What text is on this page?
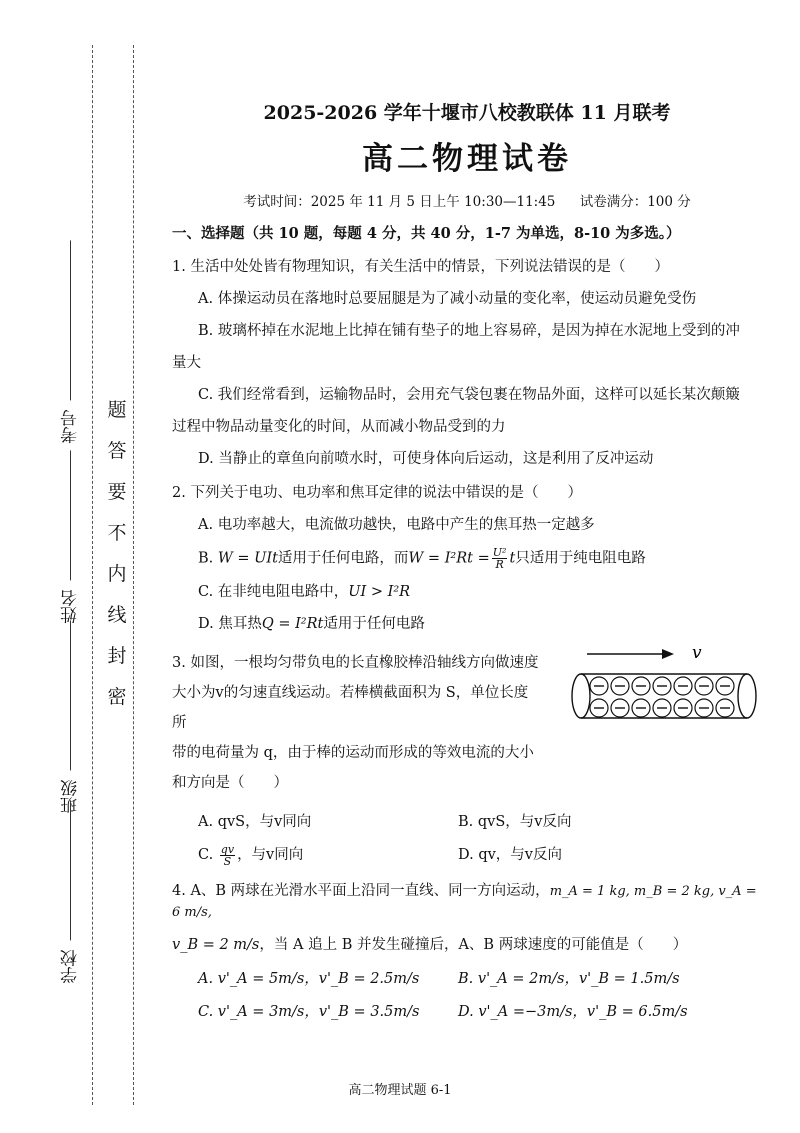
考号
姓名
班级
学校
题
答
要
不
内
线
封
密
2025-2026 学年十堰市八校教联体 11 月联考
高二物理试卷
考试时间：2025 年 11 月 5 日上午 10:30—11:45 试卷满分：100 分
一、选择题（共 10 题，每题 4 分，共 40 分，1-7 为单选，8-10 为多选。）
1. 生活中处处皆有物理知识，有关生活中的情景，下列说法错误的是（　　）
A. 体操运动员在落地时总要屈腿是为了减小动量的变化率，使运动员避免受伤
B. 玻璃杯掉在水泥地上比掉在铺有垫子的地上容易碎，是因为掉在水泥地上受到的冲
量大
C. 我们经常看到，运输物品时，会用充气袋包裹在物品外面，这样可以延长某次颠簸
过程中物品动量变化的时间，从而减小物品受到的力
D. 当静止的章鱼向前喷水时，可使身体向后运动，这是利用了反冲运动
2. 下列关于电功、电功率和焦耳定律的说法中错误的是（　　）
A. 电功率越大，电流做功越快，电路中产生的焦耳热一定越多
B. W = UIt适用于任何电路，而$W = I^2Rt = \frac{\text{U²}}{R}$ t只适用于纯电阻电路
C. 在非纯电阻电路中，UI > I²R
D. 焦耳热Q = I²Rt适用于任何电路
3. 如图，一根均匀带负电的长直橡胶棒沿轴线方向做速度
大小为v的匀速直线运动。若棒横截面积为 S，单位长度所
带的电荷量为 q，由于棒的运动而形成的等效电流的大小
和方向是（　　）
v
A. qvS，与v同向	B. qvS，与v反向
C. $\frac{qv}{S}$ ，与v同向	D. qv，与v反向
4. A、B 两球在光滑水平面上沿同一直线、同一方向运动，m_A = 1 kg, m_B = 2 kg, v_A = 6 m/s,
v_B = 2 m/s，当 A 追上 B 并发生碰撞后，A、B 两球速度的可能值是（　　）
A. v'_A = 5m/s，v'_B = 2.5m/s	B. v'_A = 2m/s，v'_B = 1.5m/s
C. v'_A = 3m/s，v'_B = 3.5m/s	D. v'_A =−3m/s，v'_B = 6.5m/s
高二物理试题 6-1
